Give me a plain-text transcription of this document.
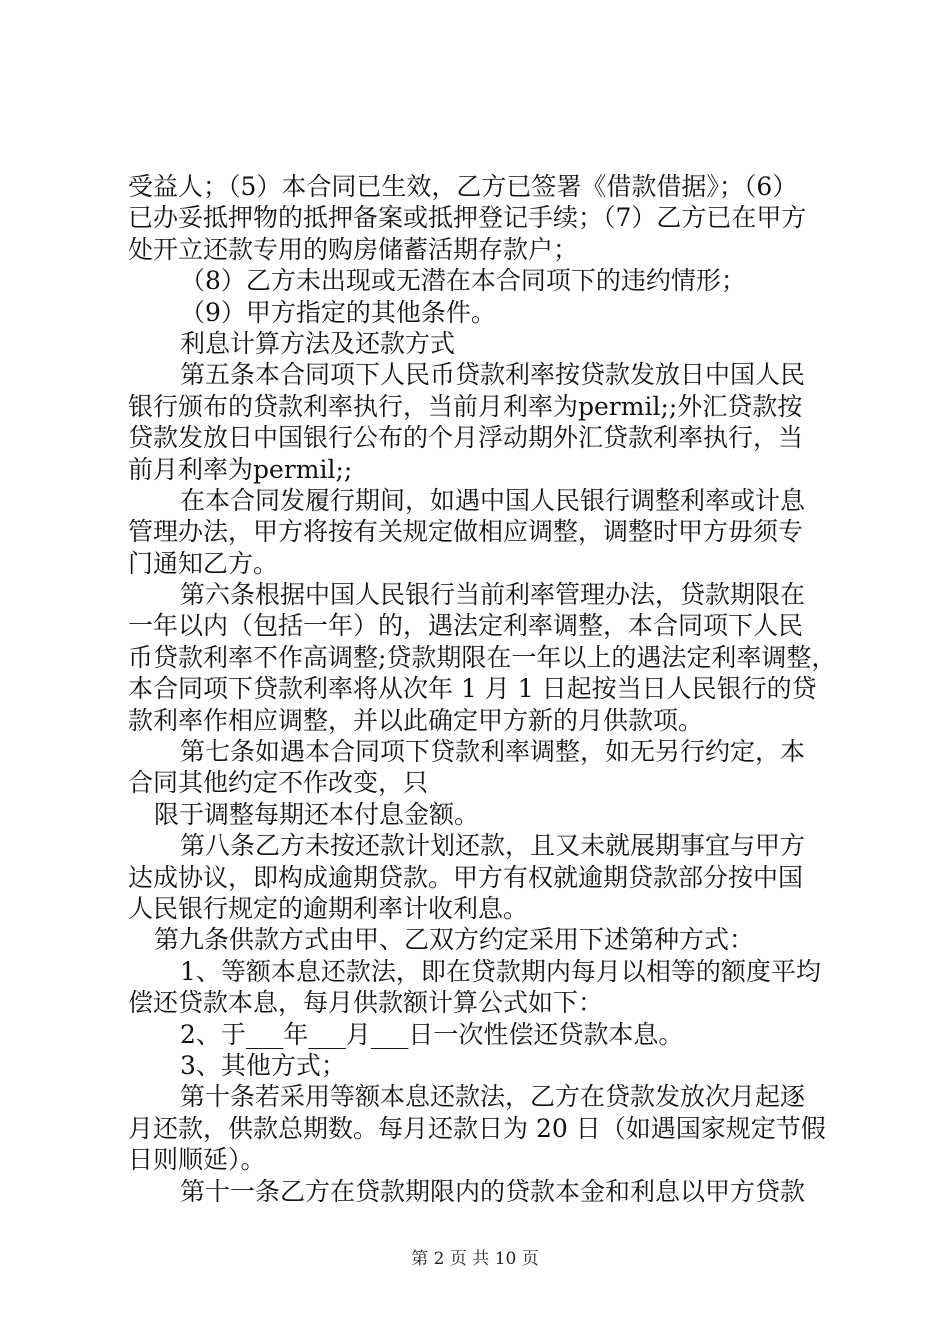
受益人；（5）本合同已生效，乙方已签署《借款借据》；（6）
已办妥抵押物的抵押备案或抵押登记手续；（7）乙方已在甲方
处开立还款专用的购房储蓄活期存款户；
（8）乙方未出现或无潜在本合同项下的违约情形；
（9）甲方指定的其他条件。
利息计算方法及还款方式
第五条本合同项下人民币贷款利率按贷款发放日中国人民
银行颁布的贷款利率执行，当前月利率为permil;;外汇贷款按
贷款发放日中国银行公布的个月浮动期外汇贷款利率执行，当
前月利率为permil;;
在本合同发履行期间，如遇中国人民银行调整利率或计息
管理办法，甲方将按有关规定做相应调整，调整时甲方毋须专
门通知乙方。
第六条根据中国人民银行当前利率管理办法，贷款期限在
一年以内（包括一年）的，遇法定利率调整，本合同项下人民
币贷款利率不作高调整;贷款期限在一年以上的遇法定利率调整，
本合同项下贷款利率将从次年 1 月 1 日起按当日人民银行的贷
款利率作相应调整，并以此确定甲方新的月供款项。
第七条如遇本合同项下贷款利率调整，如无另行约定，本
合同其他约定不作改变，只
限于调整每期还本付息金额。
第八条乙方未按还款计划还款，且又未就展期事宜与甲方
达成协议，即构成逾期贷款。甲方有权就逾期贷款部分按中国
人民银行规定的逾期利率计收利息。
第九条供款方式由甲、乙双方约定采用下述第种方式：
1、等额本息还款法，即在贷款期内每月以相等的额度平均
偿还贷款本息，每月供款额计算公式如下：
2、于___年___月___日一次性偿还贷款本息。
3、其他方式；
第十条若采用等额本息还款法，乙方在贷款发放次月起逐
月还款，供款总期数。每月还款日为 20 日（如遇国家规定节假
日则顺延）。
第十一条乙方在贷款期限内的贷款本金和利息以甲方贷款
第 2 页 共 10 页
